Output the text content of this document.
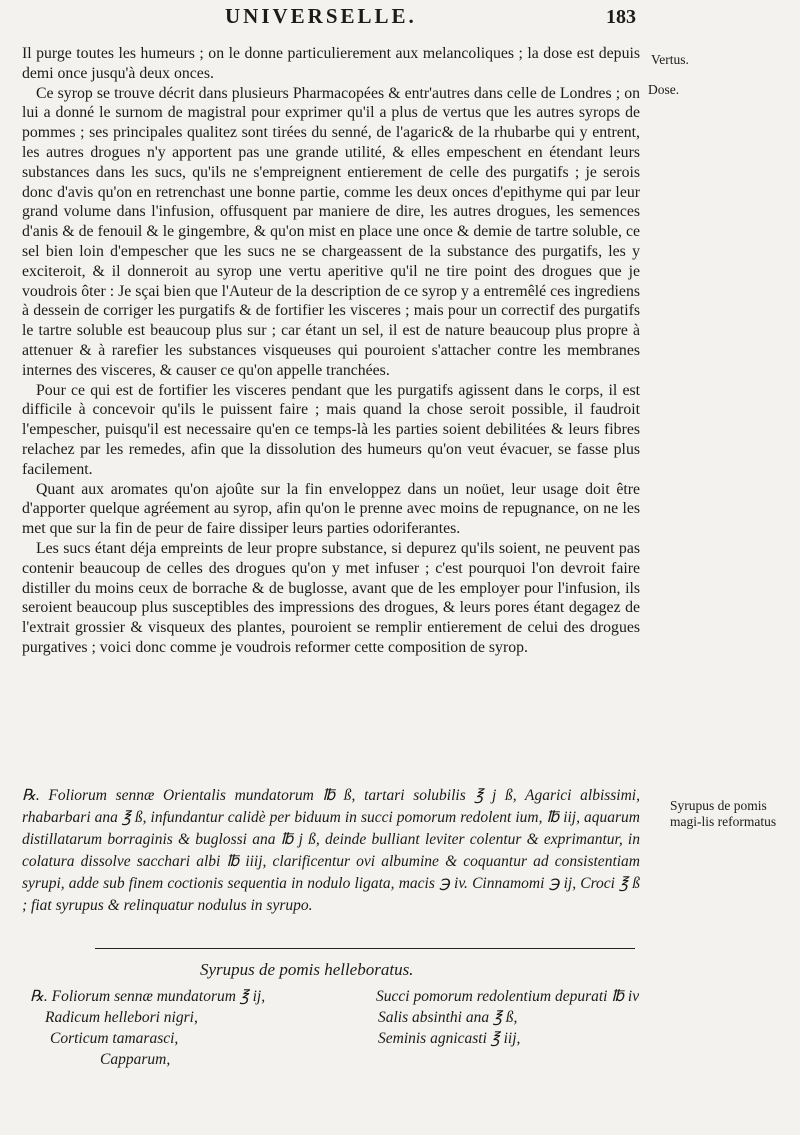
UNIVERSELLE.	183
Vertus.
Dose.
Syrupus de pomis magi-lis reformatus

Il purge toutes les humeurs ; on le donne particulierement aux melancoliques ; la dose est depuis demi once jusqu'à deux onces.

Ce syrop se trouve décrit dans plusieurs Pharmacopées & entr'autres dans celle de Londres ; on lui a donné le surnom de magistral pour exprimer qu'il a plus de vertus que les autres syrops de pommes ; ses principales qualitez sont tirées du senné, de l'agaric& de la rhubarbe qui y entrent, les autres drogues n'y apportent pas une grande utilité, & elles empeschent en étendant leurs substances dans les sucs, qu'ils ne s'empreignent entierement de celle des purgatifs ; je serois donc d'avis qu'on en retrenchast une bonne partie, comme les deux onces d'epithyme qui par leur grand volume dans l'infusion, offusquent par maniere de dire, les autres drogues, les semences d'anis & de fenouil & le gingembre, & qu'on mist en place une once & demie de tartre soluble, ce sel bien loin d'empescher que les sucs ne se chargeassent de la substance des purgatifs, les y exciteroit, & il donneroit au syrop une vertu aperitive qu'il ne tire point des drogues que je voudrois ôter : Je sçai bien que l'Auteur de la description de ce syrop y a entremêlé ces ingrediens à dessein de corriger les purgatifs & de fortifier les visceres ; mais pour un correctif des purgatifs le tartre soluble est beaucoup plus sur ; car étant un sel, il est de nature beaucoup plus propre à attenuer & à rarefier les substances visqueuses qui pouroient s'attacher contre les membranes internes des visceres, & causer ce qu'on appelle tranchées.

Pour ce qui est de fortifier les visceres pendant que les purgatifs agissent dans le corps, il est difficile à concevoir qu'ils le puissent faire ; mais quand la chose seroit possible, il faudroit l'empescher, puisqu'il est necessaire qu'en ce temps-là les parties soient debilitées & leurs fibres relachez par les remedes, afin que la dissolution des humeurs qu'on veut évacuer, se fasse plus facilement.

Quant aux aromates qu'on ajoûte sur la fin enveloppez dans un noüet, leur usage doit être d'apporter quelque agréement au syrop, afin qu'on le prenne avec moins de repugnance, on ne les met que sur la fin de peur de faire dissiper leurs parties odoriferantes.

Les sucs étant déja empreints de leur propre substance, si depurez qu'ils soient, ne peuvent pas contenir beaucoup de celles des drogues qu'on y met infuser ; c'est pourquoi l'on devroit faire distiller du moins ceux de borrache & de buglosse, avant que de les employer pour l'infusion, ils seroient beaucoup plus susceptibles des impressions des drogues, & leurs pores étant degagez de l'extrait grossier & visqueux des plantes, pouroient se remplir entierement de celui des drogues purgatives ; voici donc comme je voudrois reformer cette composition de syrop.

℞. Foliorum sennæ Orientalis mundatorum ℔ ß, tartari solubilis ℥ j ß, Agarici albissimi, rhabarbari ana ℥ ß, infundantur calidè per biduum in succi pomorum redolent ium, ℔ iij, aquarum distillatarum borraginis & buglossi ana ℔ j ß, deinde bulliant leviter colentur & exprimantur, in colatura dissolve sacchari albi ℔ iiij, clarificentur ovi albumine & coquantur ad consistentiam syrupi, adde sub finem coctionis sequentia in nodulo ligata, macis ℈ iv. Cinnamomi ℈ ij, Croci ℥ ß ; fiat syrupus & relinquatur nodulus in syrupo.
Syrupus de pomis helleboratus.
℞. Foliorum sennæ mundatorum ℥ ij,
Radicum hellebori nigri,
Corticum tamarasci,
Capparum,
Succi pomorum redolentium depurati ℔ iv
Salis absinthi ana ℥ ß,
Seminis agnicasti ℥ iij,
